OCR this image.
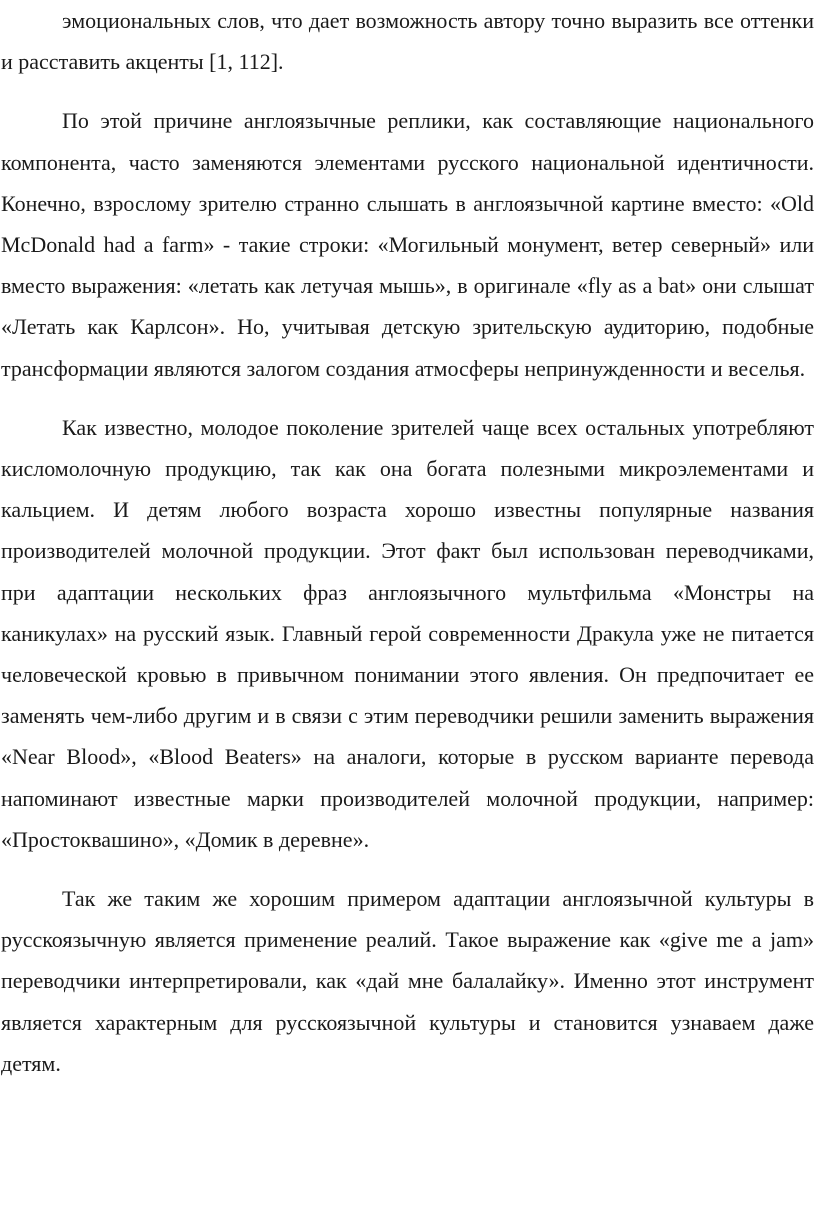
эмоциональных слов, что дает возможность автору точно выразить все оттенки и расставить акценты [1, 112].

По этой причине англоязычные реплики, как составляющие национального компонента, часто заменяются элементами русского национальной идентичности. Конечно, взрослому зрителю странно слышать в англоязычной картине вместо: «Old McDonald had a farm» - такие строки: «Могильный монумент, ветер северный» или вместо выражения: «летать как летучая мышь», в оригинале «fly as a bat» они слышат «Летать как Карлсон». Но, учитывая детскую зрительскую аудиторию, подобные трансформации являются залогом создания атмосферы непринужденности и веселья.

Как известно, молодое поколение зрителей чаще всех остальных употребляют кисломолочную продукцию, так как она богата полезными микроэлементами и кальцием. И детям любого возраста хорошо известны популярные названия производителей молочной продукции. Этот факт был использован переводчиками, при адаптации нескольких фраз англоязычного мультфильма «Монстры на каникулах» на русский язык. Главный герой современности Дракула уже не питается человеческой кровью в привычном понимании этого явления. Он предпочитает ее заменять чем-либо другим и в связи с этим переводчики решили заменить выражения «Near Blood», «Blood Beaters» на аналоги, которые в русском варианте перевода напоминают известные марки производителей молочной продукции, например: «Простоквашино», «Домик в деревне».

Так же таким же хорошим примером адаптации англоязычной культуры в русскоязычную является применение реалий. Такое выражение как «give me a jam» переводчики интерпретировали, как «дай мне балалайку». Именно этот инструмент является характерным для русскоязычной культуры и становится узнаваем даже детям.
